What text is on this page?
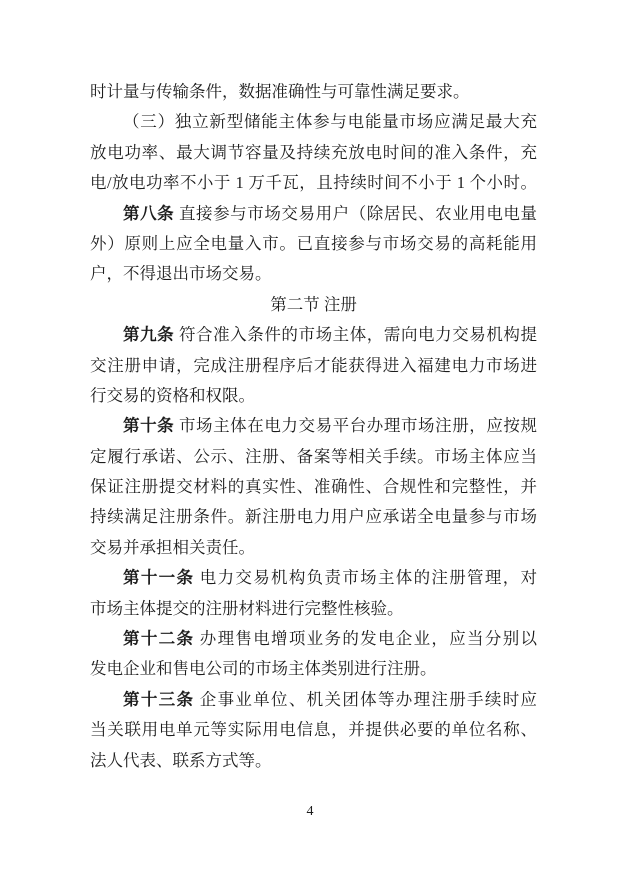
时计量与传输条件，数据准确性与可靠性满足要求。
（三）独立新型储能主体参与电能量市场应满足最大充
放电功率、最大调节容量及持续充放电时间的准入条件，充
电/放电功率不小于 1 万千瓦，且持续时间不小于 1 个小时。
第八条 直接参与市场交易用户（除居民、农业用电电量
外）原则上应全电量入市。已直接参与市场交易的高耗能用
户，不得退出市场交易。
第二节 注册
第九条 符合准入条件的市场主体，需向电力交易机构提
交注册申请，完成注册程序后才能获得进入福建电力市场进
行交易的资格和权限。
第十条 市场主体在电力交易平台办理市场注册，应按规
定履行承诺、公示、注册、备案等相关手续。市场主体应当
保证注册提交材料的真实性、准确性、合规性和完整性，并
持续满足注册条件。新注册电力用户应承诺全电量参与市场
交易并承担相关责任。
第十一条 电力交易机构负责市场主体的注册管理，对
市场主体提交的注册材料进行完整性核验。
第十二条 办理售电增项业务的发电企业，应当分别以
发电企业和售电公司的市场主体类别进行注册。
第十三条 企事业单位、机关团体等办理注册手续时应
当关联用电单元等实际用电信息，并提供必要的单位名称、
法人代表、联系方式等。
4
